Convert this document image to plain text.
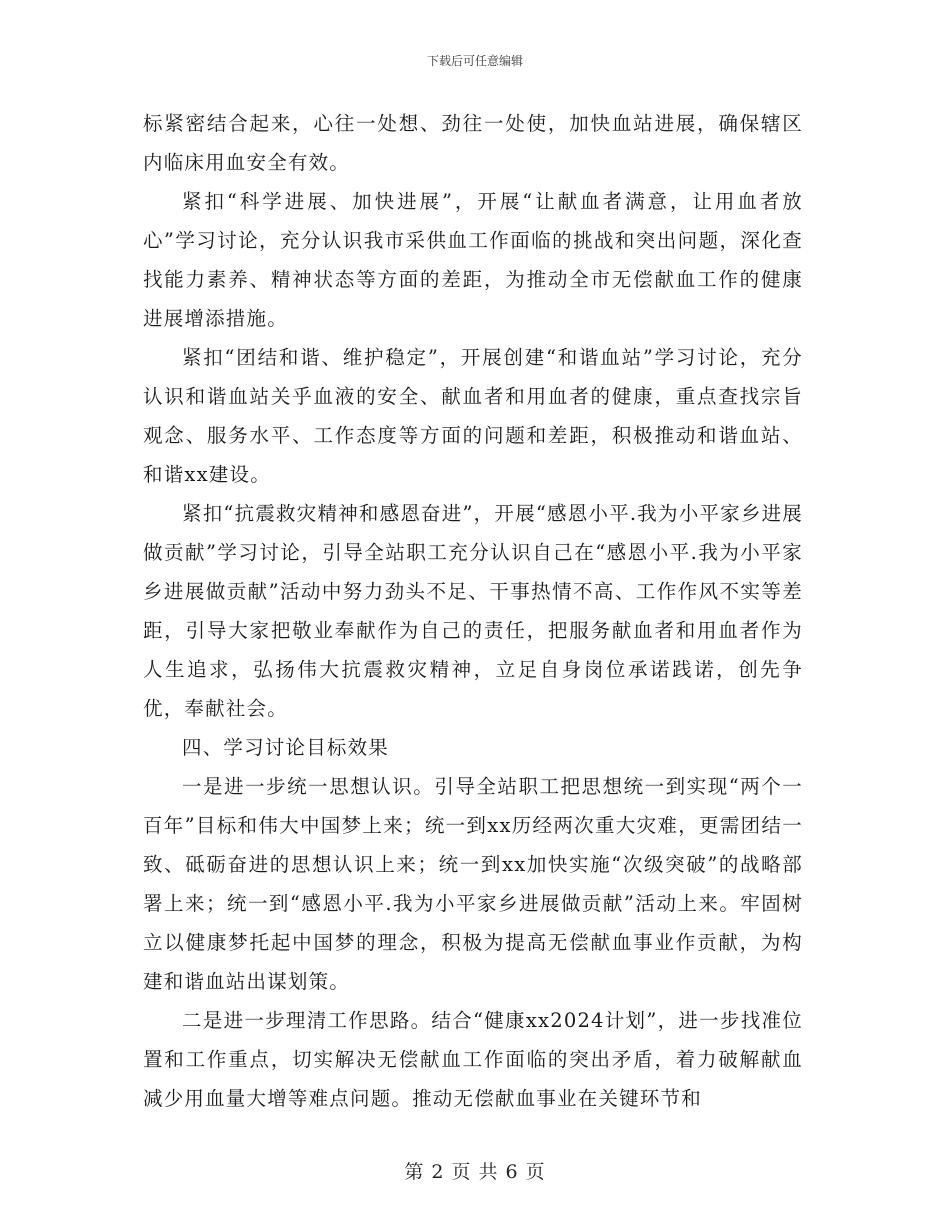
下载后可任意编辑

标紧密结合起来，心往一处想、劲往一处使，加快血站进展，确保辖区内临床用血安全有效。

紧扣“科学进展、加快进展”，开展“让献血者满意，让用血者放心”学习讨论，充分认识我市采供血工作面临的挑战和突出问题，深化查找能力素养、精神状态等方面的差距，为推动全市无偿献血工作的健康进展增添措施。

紧扣“团结和谐、维护稳定”，开展创建“和谐血站”学习讨论，充分认识和谐血站关乎血液的安全、献血者和用血者的健康，重点查找宗旨观念、服务水平、工作态度等方面的问题和差距，积极推动和谐血站、和谐xx建设。

紧扣“抗震救灾精神和感恩奋进”，开展“感恩小平.我为小平家乡进展做贡献”学习讨论，引导全站职工充分认识自己在“感恩小平.我为小平家乡进展做贡献”活动中努力劲头不足、干事热情不高、工作作风不实等差距，引导大家把敬业奉献作为自己的责任，把服务献血者和用血者作为人生追求，弘扬伟大抗震救灾精神，立足自身岗位承诺践诺，创先争优，奉献社会。

四、学习讨论目标效果

一是进一步统一思想认识。引导全站职工把思想统一到实现“两个一百年”目标和伟大中国梦上来；统一到xx历经两次重大灾难，更需团结一致、砥砺奋进的思想认识上来；统一到xx加快实施“次级突破”的战略部署上来；统一到“感恩小平.我为小平家乡进展做贡献”活动上来。牢固树立以健康梦托起中国梦的理念，积极为提高无偿献血事业作贡献，为构建和谐血站出谋划策。

二是进一步理清工作思路。结合“健康xx2024计划”，进一步找准位置和工作重点，切实解决无偿献血工作面临的突出矛盾，着力破解献血减少用血量大增等难点问题。推动无偿献血事业在关键环节和

第 2 页 共 6 页
